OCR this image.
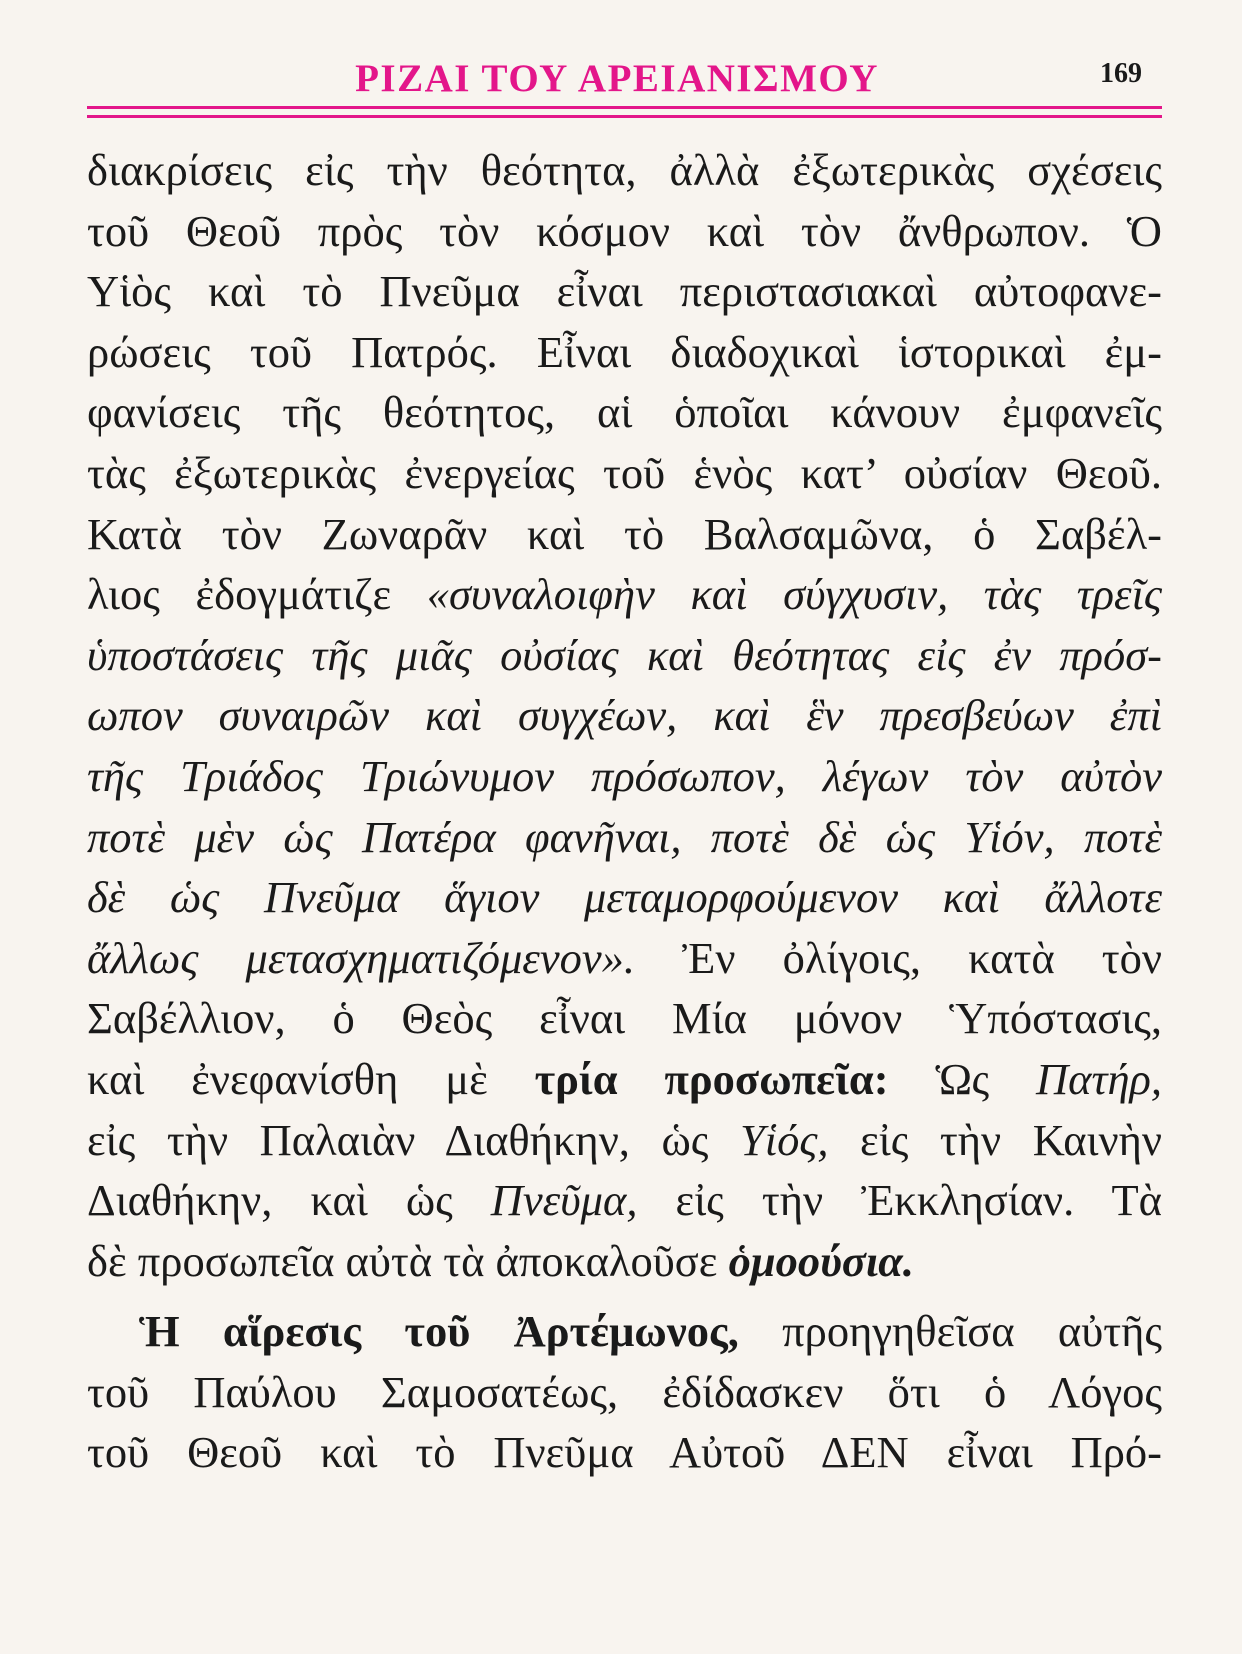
ΡΙΖΑΙ ΤΟΥ ΑΡΕΙΑΝΙΣΜΟΥ	169
διακρίσεις εἰς τὴν θεότητα, ἀλλὰ ἐξωτερικὰς σχέσεις
τοῦ Θεοῦ πρὸς τὸν κόσμον καὶ τὸν ἄνθρωπον. Ὁ
Υἱὸς καὶ τὸ Πνεῦμα εἶναι περιστασιακαὶ αὐτοφανε-
ρώσεις τοῦ Πατρός. Εἶναι διαδοχικαὶ ἱστορικαὶ ἐμ-
φανίσεις τῆς θεότητος, αἱ ὁποῖαι κάνουν ἐμφανεῖς
τὰς ἐξωτερικὰς ἐνεργείας τοῦ ἑνὸς κατ’ οὐσίαν Θεοῦ.
Κατὰ τὸν Ζωναρᾶν καὶ τὸ Βαλσαμῶνα, ὁ Σαβέλ-
λιος ἐδογμάτιζε «συναλοιφὴν καὶ σύγχυσιν, τὰς τρεῖς
ὑποστάσεις τῆς μιᾶς οὐσίας καὶ θεότητας εἰς ἐν πρόσ-
ωπον συναιρῶν καὶ συγχέων, καὶ ἓν πρεσβεύων ἐπὶ
τῆς Τριάδος Τριώνυμον πρόσωπον, λέγων τὸν αὐτὸν
ποτὲ μὲν ὡς Πατέρα φανῆναι, ποτὲ δὲ ὡς Υἱόν, ποτὲ
δὲ ὡς Πνεῦμα ἅγιον μεταμορφούμενον καὶ ἄλλοτε
ἄλλως μετασχηματιζόμενον». Ἐν ὀλίγοις, κατὰ τὸν
Σαβέλλιον, ὁ Θεὸς εἶναι Μία μόνον Ὑπόστασις,
καὶ ἐνεφανίσθη μὲ τρία προσωπεῖα: Ὡς Πατήρ,
εἰς τὴν Παλαιὰν Διαθήκην, ὡς Υἱός, εἰς τὴν Καινὴν
Διαθήκην, καὶ ὡς Πνεῦμα, εἰς τὴν Ἐκκλησίαν. Τὰ
δὲ προσωπεῖα αὐτὰ τὰ ἀποκαλοῦσε ὁμοούσια.
Ἡ αἵρεσις τοῦ Ἀρτέμωνος, προηγηθεῖσα αὐτῆς
τοῦ Παύλου Σαμοσατέως, ἐδίδασκεν ὅτι ὁ Λόγος
τοῦ Θεοῦ καὶ τὸ Πνεῦμα Αὐτοῦ ΔΕΝ εἶναι Πρό-
